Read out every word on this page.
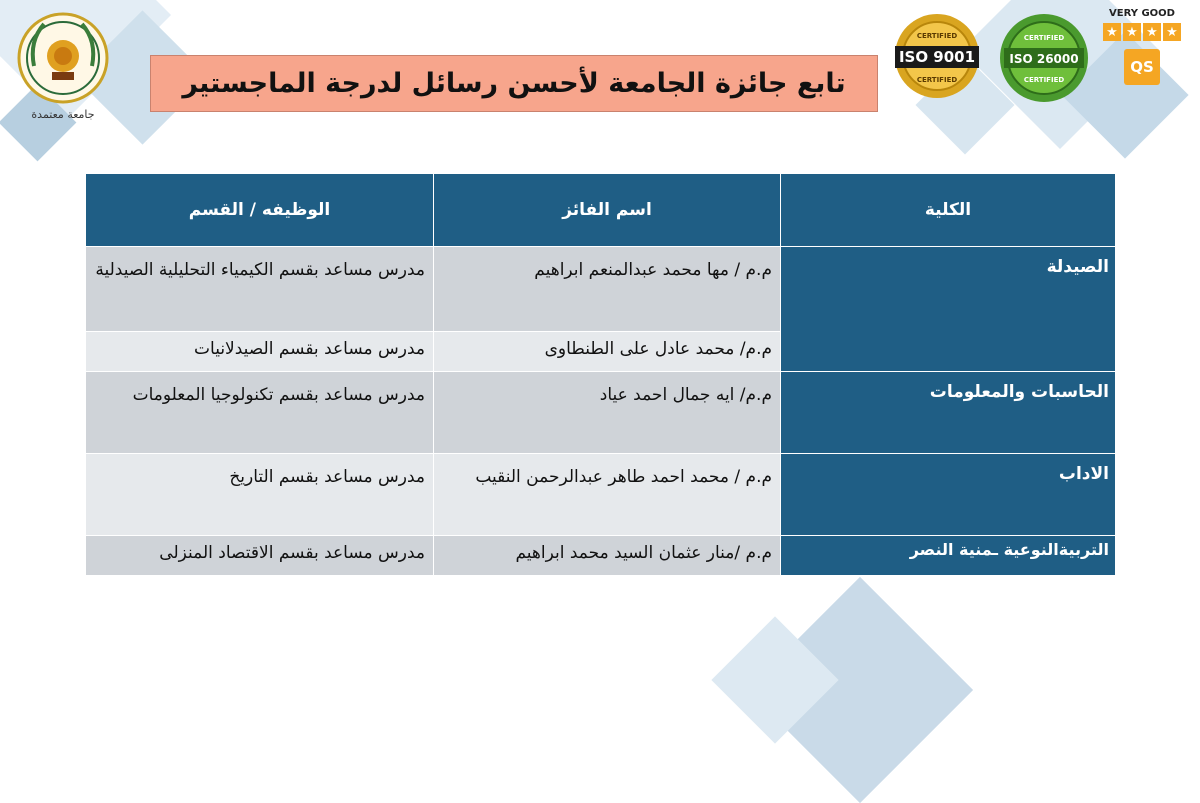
جامعة معتمدة
تابع جائزة الجامعة لأحسن رسائل لدرجة الماجستير
ISO 9001
CERTIFIED
CERTIFIED
ISO 26000
CERTIFIED
CERTIFIED
VERY GOOD
★ ★ ★ ★
QS
الكلية	اسم الفائز	الوظيفه / القسم
الصيدلة	م.م / مها محمد عبدالمنعم ابراهيم	مدرس مساعد بقسم الكيمياء التحليلية الصيدلية
	م.م/ محمد عادل على الطنطاوى	مدرس مساعد بقسم الصيدلانيات
الحاسبات والمعلومات	م.م/ ايه جمال احمد عياد	مدرس مساعد بقسم تكنولوجيا المعلومات
الاداب	م.م / محمد احمد طاهر عبدالرحمن النقيب	مدرس مساعد بقسم التاريخ
التربيةالنوعية ـمنية النصر	م.م /منار عثمان السيد محمد ابراهيم	مدرس مساعد بقسم الاقتصاد المنزلى
